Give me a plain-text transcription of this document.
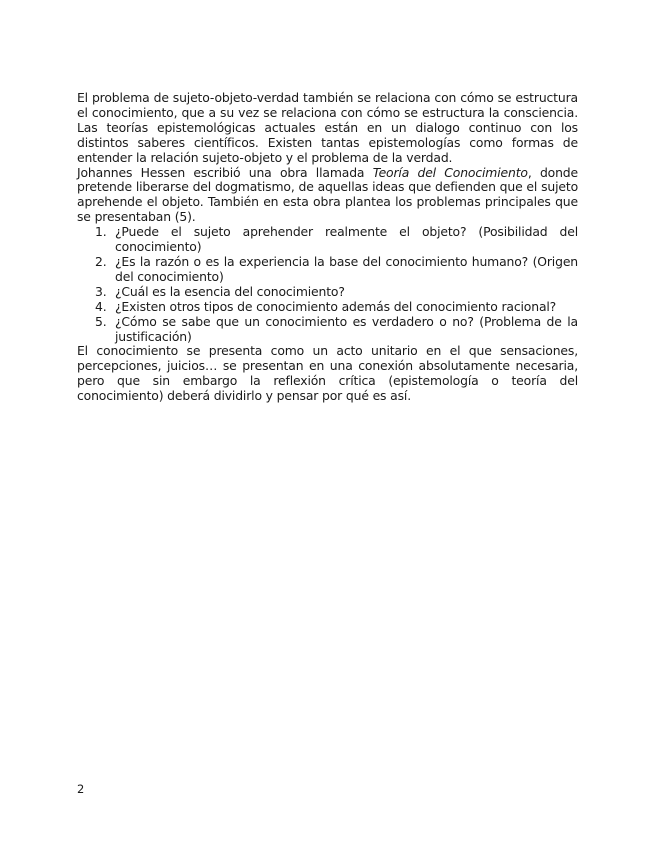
El problema de sujeto-objeto-verdad también se relaciona con cómo se estructura el conocimiento, que a su vez se relaciona con cómo se estructura la consciencia. Las teorías epistemológicas actuales están en un dialogo continuo con los distintos saberes científicos. Existen tantas epistemologías como formas de entender la relación sujeto-objeto y el problema de la verdad.

Johannes Hessen escribió una obra llamada Teoría del Conocimiento, donde pretende liberarse del dogmatismo, de aquellas ideas que defienden que el sujeto aprehende el objeto. También en esta obra plantea los problemas principales que se presentaban (5).

1. ¿Puede el sujeto aprehender realmente el objeto? (Posibilidad del conocimiento)
2. ¿Es la razón o es la experiencia la base del conocimiento humano? (Origen del conocimiento)
3. ¿Cuál es la esencia del conocimiento?
4. ¿Existen otros tipos de conocimiento además del conocimiento racional?
5. ¿Cómo se sabe que un conocimiento es verdadero o no? (Problema de la justificación)

El conocimiento se presenta como un acto unitario en el que sensaciones, percepciones, juicios… se presentan en una conexión absolutamente necesaria, pero que sin embargo la reflexión crítica (epistemología o teoría del conocimiento) deberá dividirlo y pensar por qué es así.

2
